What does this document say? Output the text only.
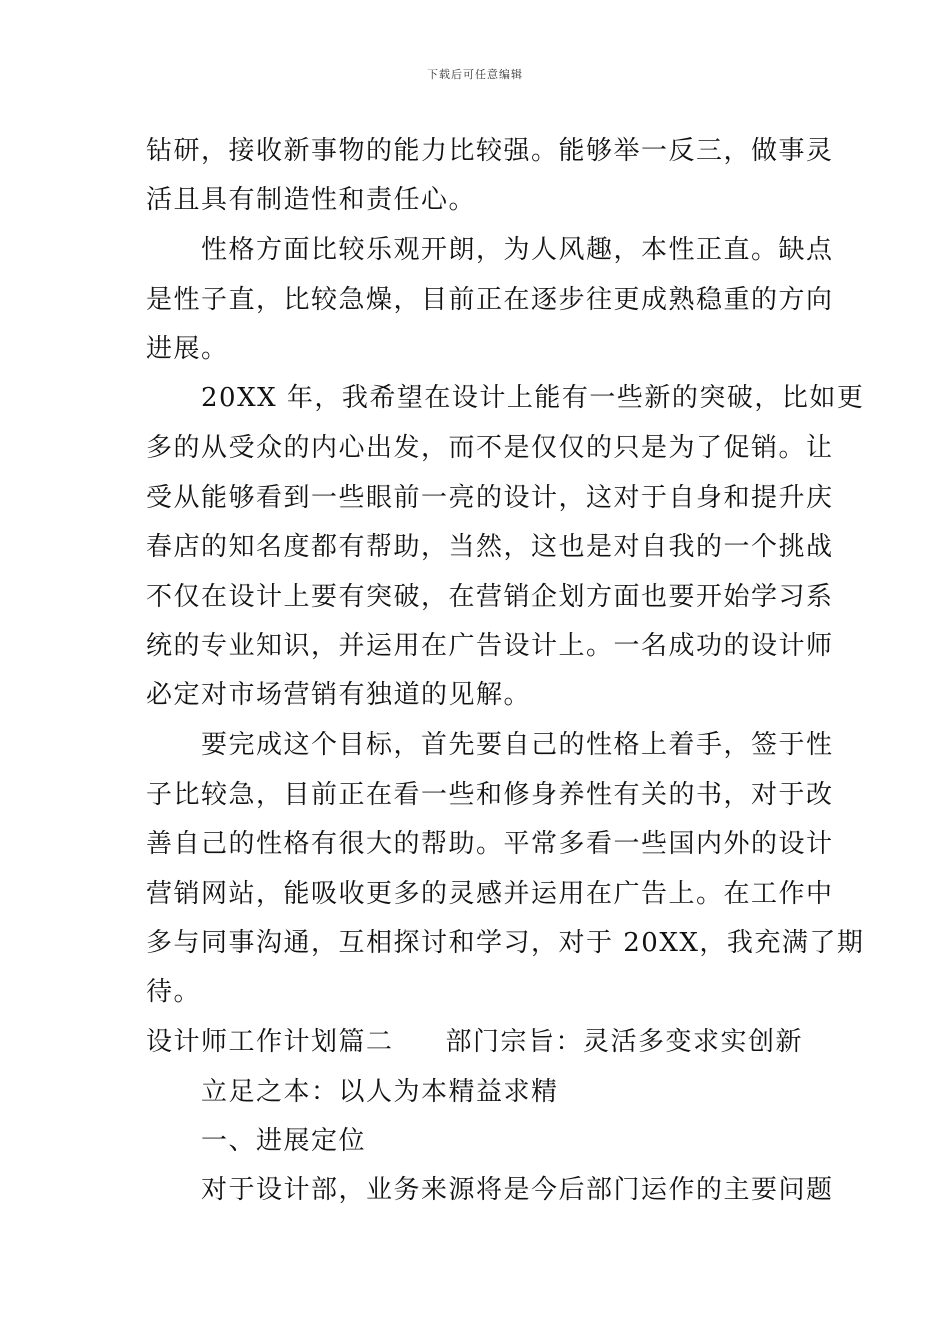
下载后可任意编辑
钻研，接收新事物的能力比较强。能够举一反三，做事灵
活且具有制造性和责任心。
　　性格方面比较乐观开朗，为人风趣，本性正直。缺点
是性子直，比较急燥，目前正在逐步往更成熟稳重的方向
进展。
　　20XX 年，我希望在设计上能有一些新的突破，比如更
多的从受众的内心出发，而不是仅仅的只是为了促销。让
受从能够看到一些眼前一亮的设计，这对于自身和提升庆
春店的知名度都有帮助，当然，这也是对自我的一个挑战
不仅在设计上要有突破，在营销企划方面也要开始学习系
统的专业知识，并运用在广告设计上。一名成功的设计师
必定对市场营销有独道的见解。
　　要完成这个目标，首先要自己的性格上着手，签于性
子比较急，目前正在看一些和修身养性有关的书，对于改
善自己的性格有很大的帮助。平常多看一些国内外的设计
营销网站，能吸收更多的灵感并运用在广告上。在工作中
多与同事沟通，互相探讨和学习，对于 20XX，我充满了期
待。
设计师工作计划篇二 部门宗旨：灵活多变求实创新
　　立足之本：以人为本精益求精
　　一、进展定位
　　对于设计部，业务来源将是今后部门运作的主要问题
